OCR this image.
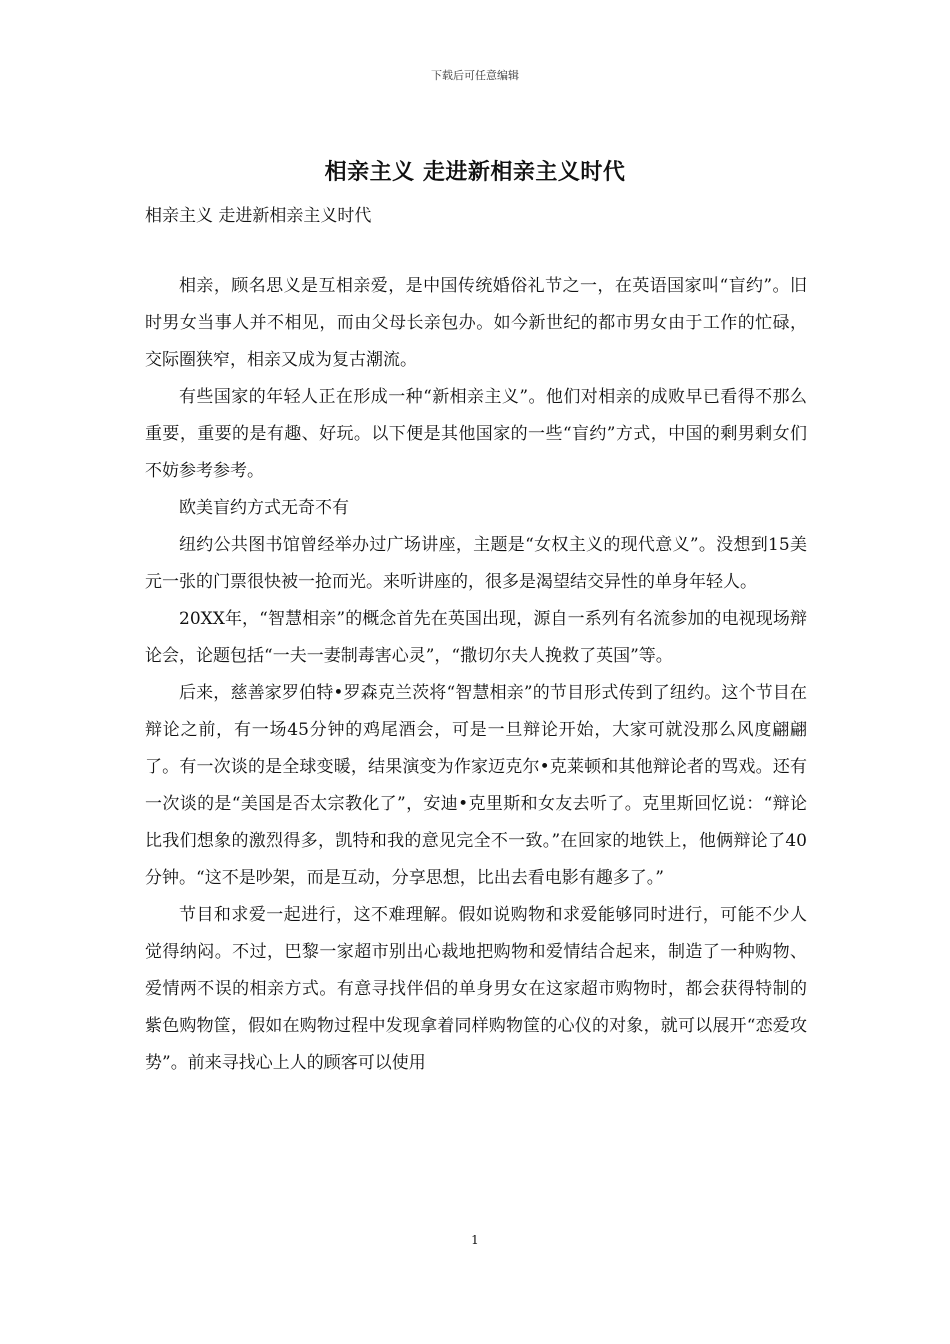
下载后可任意编辑
相亲主义 走进新相亲主义时代
相亲主义 走进新相亲主义时代

相亲，顾名思义是互相亲爱，是中国传统婚俗礼节之一，在英语国家叫“盲约”。旧时男女当事人并不相见，而由父母长亲包办。如今新世纪的都市男女由于工作的忙碌，交际圈狭窄，相亲又成为复古潮流。

有些国家的年轻人正在形成一种“新相亲主义”。他们对相亲的成败早已看得不那么重要，重要的是有趣、好玩。以下便是其他国家的一些“盲约”方式，中国的剩男剩女们不妨参考参考。

欧美盲约方式无奇不有

纽约公共图书馆曾经举办过广场讲座，主题是“女权主义的现代意义”。没想到15美元一张的门票很快被一抢而光。来听讲座的，很多是渴望结交异性的单身年轻人。

20XX年，“智慧相亲”的概念首先在英国出现，源自一系列有名流参加的电视现场辩论会，论题包括“一夫一妻制毒害心灵”，“撒切尔夫人挽救了英国”等。

后来，慈善家罗伯特•罗森克兰茨将“智慧相亲”的节目形式传到了纽约。这个节目在辩论之前，有一场45分钟的鸡尾酒会，可是一旦辩论开始，大家可就没那么风度翩翩了。有一次谈的是全球变暖，结果演变为作家迈克尔•克莱顿和其他辩论者的骂戏。还有一次谈的是“美国是否太宗教化了”，安迪•克里斯和女友去听了。克里斯回忆说：“辩论比我们想象的激烈得多，凯特和我的意见完全不一致。”在回家的地铁上，他俩辩论了40分钟。“这不是吵架，而是互动，分享思想，比出去看电影有趣多了。”

节目和求爱一起进行，这不难理解。假如说购物和求爱能够同时进行，可能不少人觉得纳闷。不过，巴黎一家超市别出心裁地把购物和爱情结合起来，制造了一种购物、爱情两不误的相亲方式。有意寻找伴侣的单身男女在这家超市购物时，都会获得特制的紫色购物筐，假如在购物过程中发现拿着同样购物筐的心仪的对象，就可以展开“恋爱攻势”。前来寻找心上人的顾客可以使用

1
